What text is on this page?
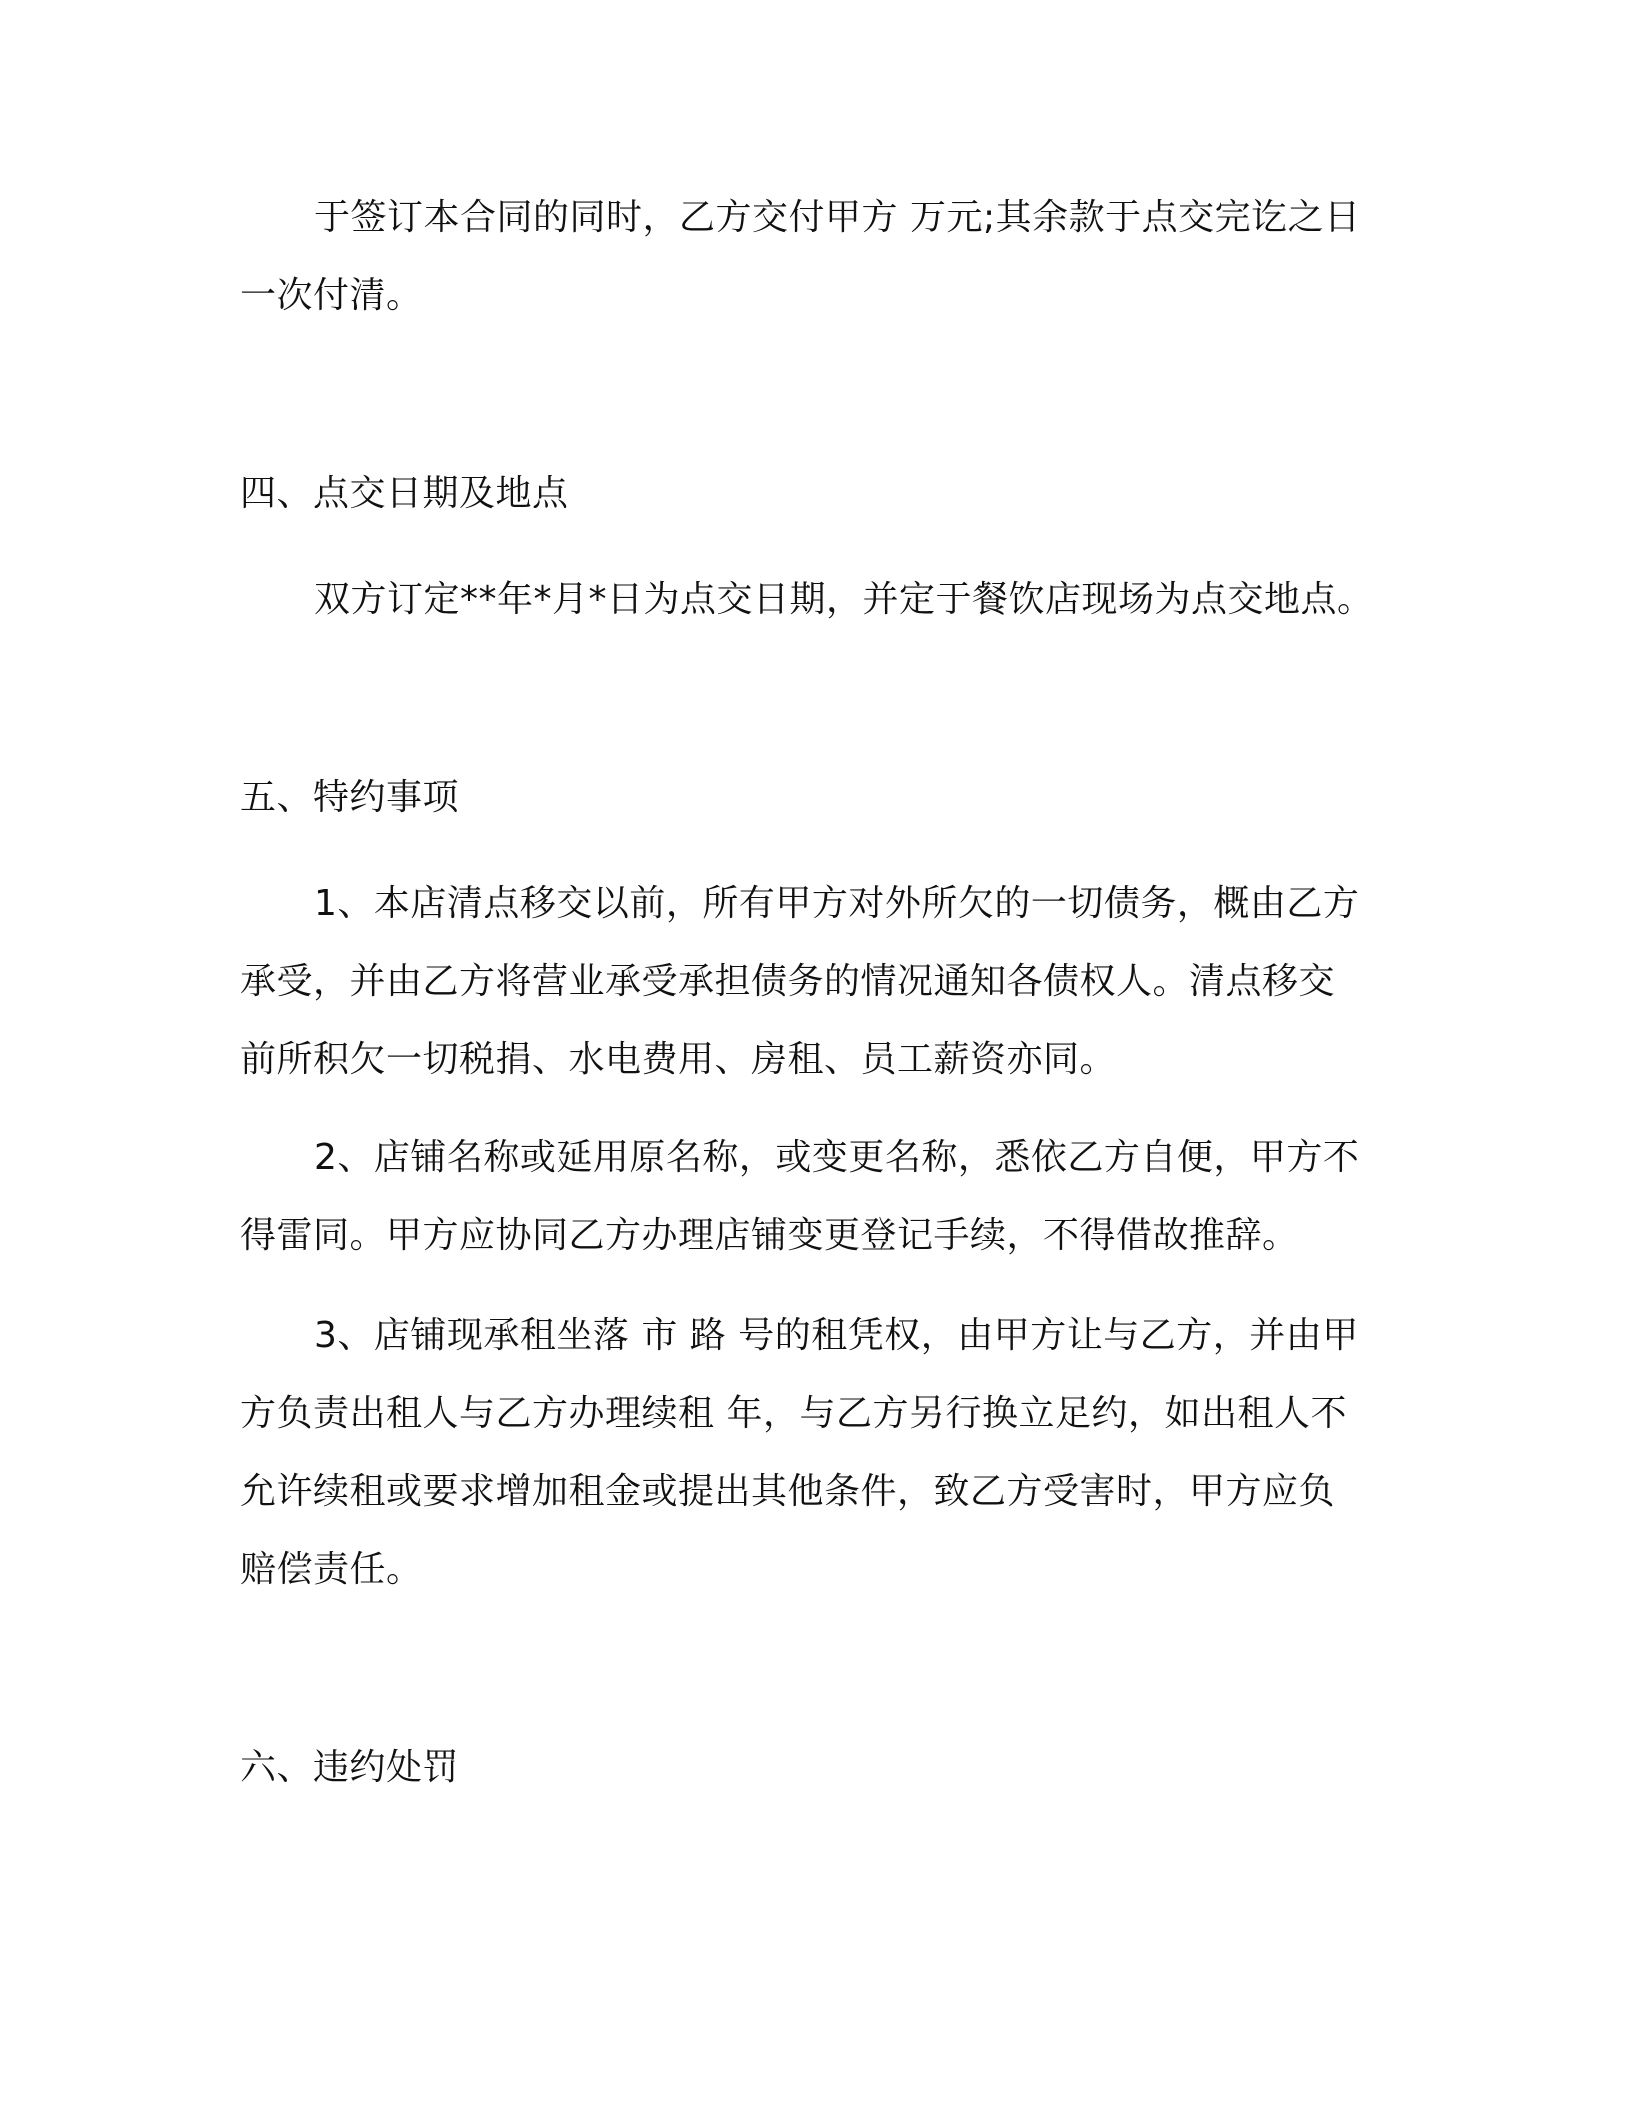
于签订本合同的同时，乙方交付甲方 万元;其余款于点交完讫之日
一次付清。
四、点交日期及地点
双方订定**年*月*日为点交日期，并定于餐饮店现场为点交地点。
五、特约事项
1、本店清点移交以前，所有甲方对外所欠的一切债务，概由乙方
承受，并由乙方将营业承受承担债务的情况通知各债权人。清点移交
前所积欠一切税捐、水电费用、房租、员工薪资亦同。
2、店铺名称或延用原名称，或变更名称，悉依乙方自便，甲方不
得雷同。甲方应协同乙方办理店铺变更登记手续，不得借故推辞。
3、店铺现承租坐落 市 路 号的租凭权，由甲方让与乙方，并由甲
方负责出租人与乙方办理续租 年，与乙方另行换立足约，如出租人不
允许续租或要求增加租金或提出其他条件，致乙方受害时，甲方应负
赔偿责任。
六、违约处罚
